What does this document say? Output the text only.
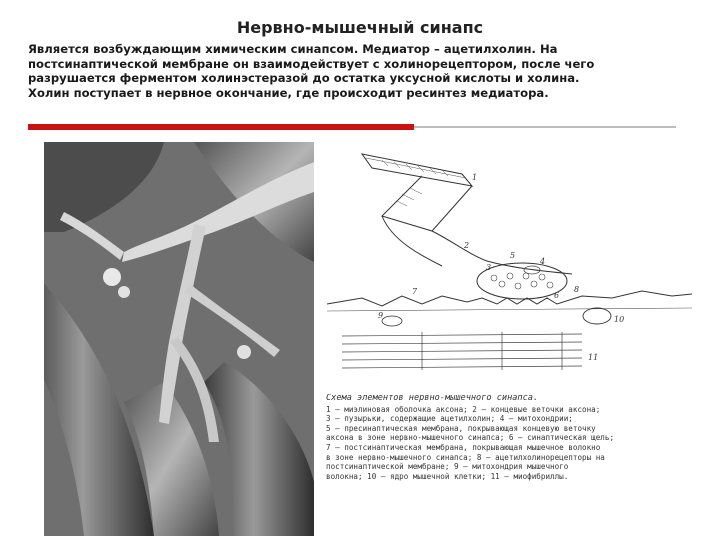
Нервно-мышечный синапс

Является возбуждающим химическим синапсом. Медиатор – ацетилхолин. На

постсинаптической мембране он взаимодействует с холинорецептором, после чего

разрушается ферментом холинэстеразой до остатка уксусной кислоты и холина.

Холин поступает в нервное окончание, где происходит ресинтез медиатора.

1
2
3
4
5
6
7	8
9	10
11
Схема элементов нервно-мышечного синапса.

1 — миэлиновая оболочка аксона; 2 — концевые веточки аксона;

3 — пузырьки, содержащие ацетилхолин; 4 — митохондрии;

5 — пресинаптическая мембрана, покрывающая концевую веточку

аксона в зоне нервно-мышечного синапса; 6 — синаптическая щель;

7 — постсинаптическая мембрана, покрывающая мышечное волокно

в зоне нервно-мышечного синапса; 8 — ацетилхолинорецепторы на

постсинаптической мембране; 9 — митохондрия мышечного

волокна; 10 — ядро мышечной клетки; 11 — миофибриллы.
